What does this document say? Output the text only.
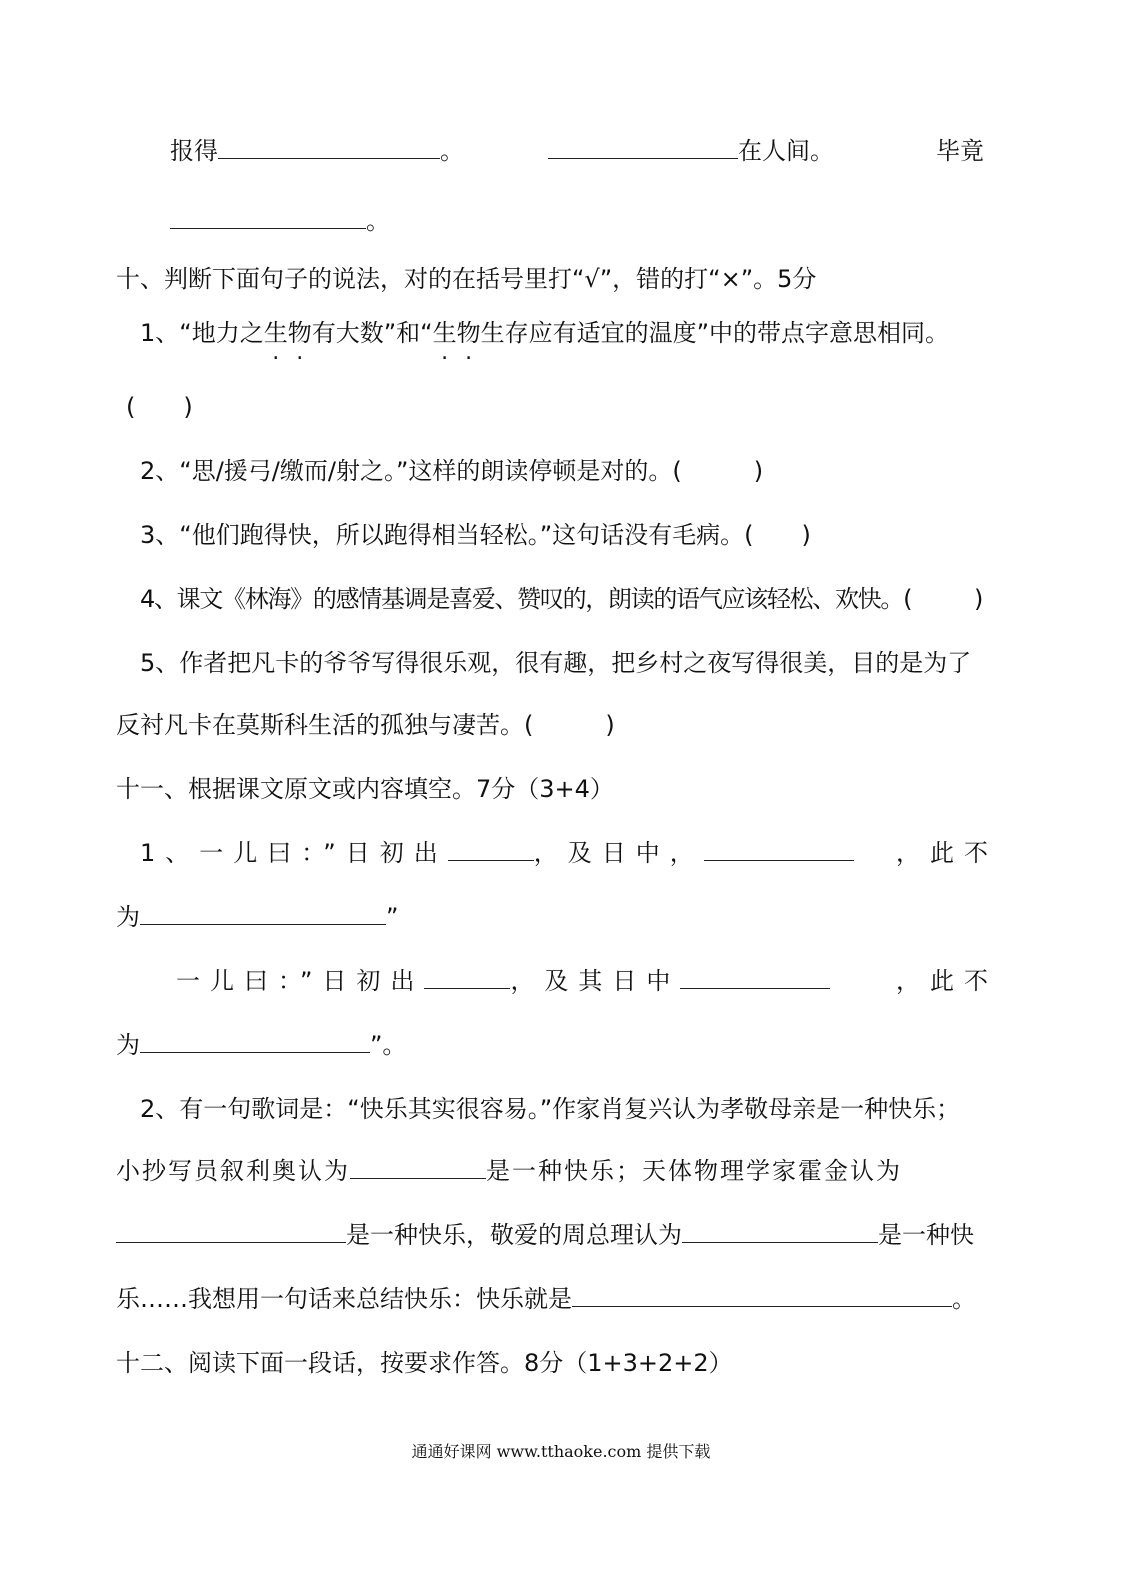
报得	。	在人间。	毕竟
。
十、判断下面句子的说法，对的在括号里打“√”，错的打“×”。5分
1、“地力之生物有大数”和“生物生存应有适宜的温度”中的带点字意思相同。
(　　)
2、“思/援弓/缴而/射之。”这样的朗读停顿是对的。(　　　)
3、“他们跑得快，所以跑得相当轻松。”这句话没有毛病。(　　)
4、课文《林海》的感情基调是喜爱、赞叹的，朗读的语气应该轻松、欢快。(	)
5、作者把凡卡的爷爷写得很乐观，很有趣，把乡村之夜写得很美，目的是为了
反衬凡卡在莫斯科生活的孤独与凄苦。(　　　)
十一、根据课文原文或内容填空。7分（3+4）
1、一儿曰：”日初出	，及日中，	，此不
为	”
一儿曰：”日初出	，及其日中	，此不
为	”。
2、有一句歌词是：“快乐其实很容易。”作家肖复兴认为孝敬母亲是一种快乐；
小抄写员叙利奥认为	是一种快乐；天体物理学家霍金认为
是一种快乐，敬爱的周总理认为	是一种快
乐……我想用一句话来总结快乐：快乐就是	。
十二、阅读下面一段话，按要求作答。8分（1+3+2+2）
通通好课网 www.tthaoke.com 提供下载
